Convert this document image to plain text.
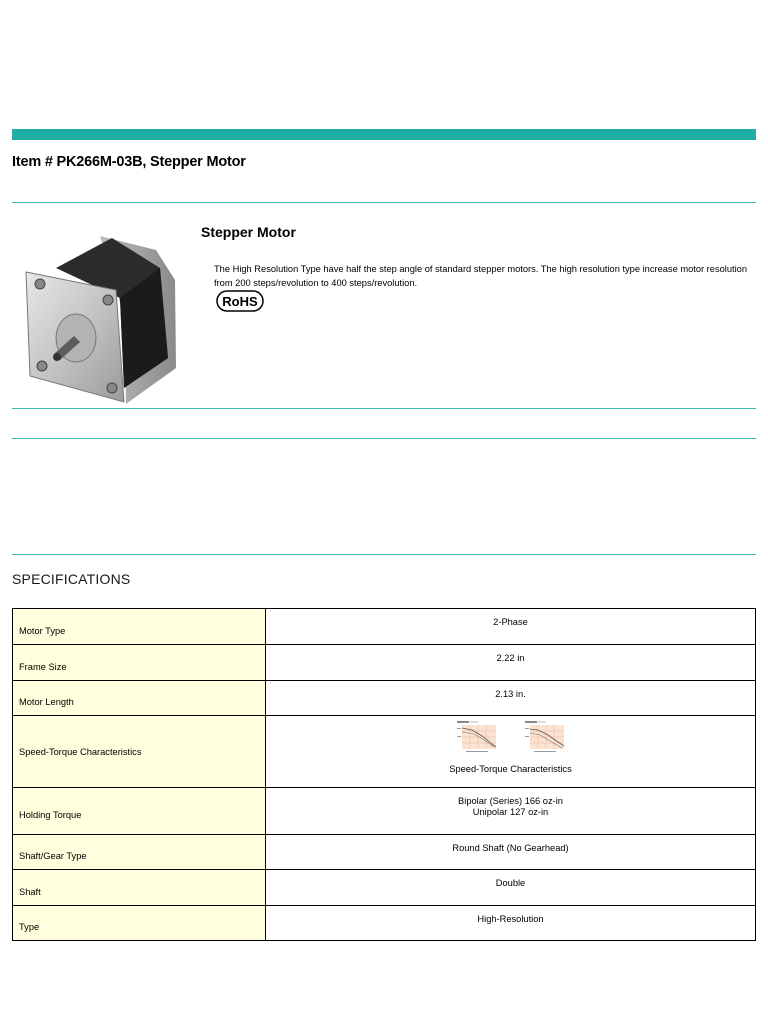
Item # PK266M-03B, Stepper Motor
Stepper Motor
The High Resolution Type have half the step angle of standard stepper motors. The high resolution type increase motor resolution from 200 steps/revolution to 400 steps/revolution.
RoHS
SPECIFICATIONS
Motor Type	2-Phase
Frame Size	2.22 in
Motor Length	2.13 in.
Speed-Torque Characteristics	Speed-Torque Characteristics

Holding Torque	Bipolar (Series) 166 oz-in
Unipolar 127 oz-in

Shaft/Gear Type	Round Shaft (No Gearhead)
Shaft	Double
Type	High-Resolution
